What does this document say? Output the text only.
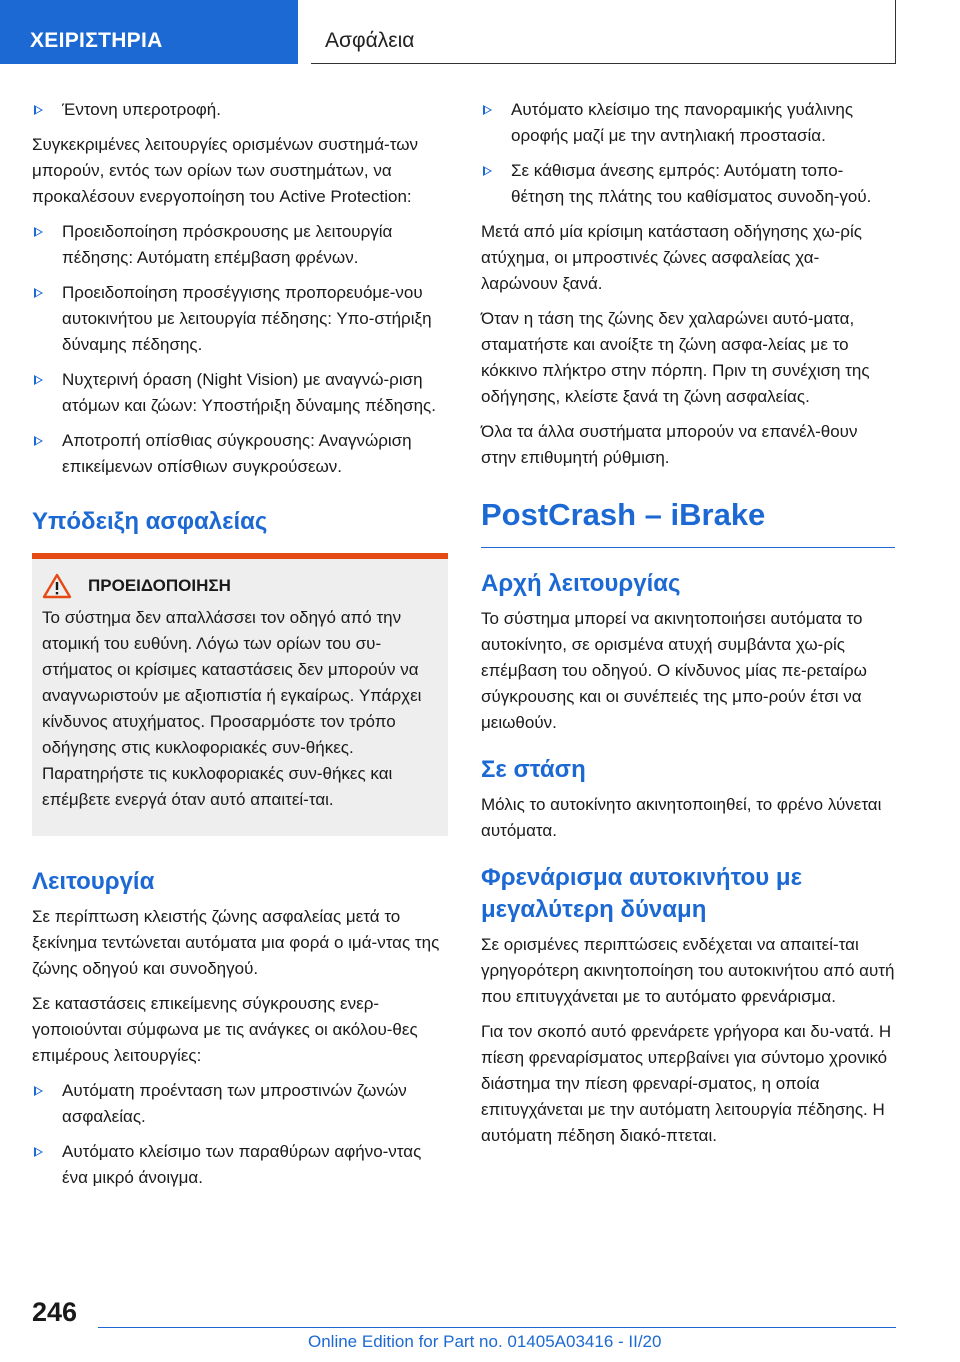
ΧΕΙΡΙΣΤΗΡΙΑ	Ασφάλεια
Έντονη υπεροτροφή.

Συγκεκριμένες λειτουργίες ορισμένων συστημά-των μπορούν, εντός των ορίων των συστημάτων, να προκαλέσουν ενεργοποίηση του Active Protection:

Προειδοποίηση πρόσκρουσης με λειτουργία πέδησης: Αυτόματη επέμβαση φρένων.
Προειδοποίηση προσέγγισης προπορευόμε-νου αυτοκινήτου με λειτουργία πέδησης: Υπο-στήριξη δύναμης πέδησης.
Νυχτερινή όραση (Night Vision) με αναγνώ-ριση ατόμων και ζώων: Υποστήριξη δύναμης πέδησης.
Αποτροπή οπίσθιας σύγκρουσης: Αναγνώριση επικείμενων οπίσθιων συγκρούσεων.
Υπόδειξη ασφαλείας
ΠΡΟΕΙΔΟΠΟΙΗΣΗ

Το σύστημα δεν απαλλάσσει τον οδηγό από την ατομική του ευθύνη. Λόγω των ορίων του συ-στήματος οι κρίσιμες καταστάσεις δεν μπορούν να αναγνωριστούν με αξιοπιστία ή εγκαίρως. Υπάρχει κίνδυνος ατυχήματος. Προσαρμόστε τον τρόπο οδήγησης στις κυκλοφοριακές συν-θήκες. Παρατηρήστε τις κυκλοφοριακές συν-θήκες και επέμβετε ενεργά όταν αυτό απαιτεί-ται.

Λειτουργία

Σε περίπτωση κλειστής ζώνης ασφαλείας μετά το ξεκίνημα τεντώνεται αυτόματα μια φορά ο ιμά-ντας της ζώνης οδηγού και συνοδηγού.

Σε καταστάσεις επικείμενης σύγκρουσης ενερ-γοποιούνται σύμφωνα με τις ανάγκες οι ακόλου-θες επιμέρους λειτουργίες:

Αυτόματη προένταση των μπροστινών ζωνών ασφαλείας.
Αυτόματο κλείσιμο των παραθύρων αφήνο-ντας ένα μικρό άνοιγμα.
Αυτόματο κλείσιμο της πανοραμικής γυάλινης οροφής μαζί με την αντηλιακή προστασία.
Σε κάθισμα άνεσης εμπρός: Αυτόματη τοπο-θέτηση της πλάτης του καθίσματος συνοδη-γού.

Μετά από μία κρίσιμη κατάσταση οδήγησης χω-ρίς ατύχημα, οι μπροστινές ζώνες ασφαλείας χα-λαρώνουν ξανά.

Όταν η τάση της ζώνης δεν χαλαρώνει αυτό-ματα, σταματήστε και ανοίξτε τη ζώνη ασφα-λείας με το κόκκινο πλήκτρο στην πόρπη. Πριν τη συνέχιση της οδήγησης, κλείστε ξανά τη ζώνη ασφαλείας.

Όλα τα άλλα συστήματα μπορούν να επανέλ-θουν στην επιθυμητή ρύθμιση.

PostCrash – iBrake
Αρχή λειτουργίας

Το σύστημα μπορεί να ακινητοποιήσει αυτόματα το αυτοκίνητο, σε ορισμένα ατυχή συμβάντα χω-ρίς επέμβαση του οδηγού. Ο κίνδυνος μίας πε-ρεταίρω σύγκρουσης και οι συνέπειές της μπο-ρούν έτσι να μειωθούν.

Σε στάση

Μόλις το αυτοκίνητο ακινητοποιηθεί, το φρένο λύνεται αυτόματα.

Φρενάρισμα αυτοκινήτου με μεγαλύτερη δύναμη

Σε ορισμένες περιπτώσεις ενδέχεται να απαιτεί-ται γρηγορότερη ακινητοποίηση του αυτοκινήτου από αυτή που επιτυγχάνεται με το αυτόματο φρενάρισμα.

Για τον σκοπό αυτό φρενάρετε γρήγορα και δυ-νατά. Η πίεση φρεναρίσματος υπερβαίνει για σύντομο χρονικό διάστημα την πίεση φρεναρί-σματος, η οποία επιτυγχάνεται με την αυτόματη λειτουργία πέδησης. Η αυτόματη πέδηση διακό-πτεται.

246
Online Edition for Part no. 01405A03416 - II/20
